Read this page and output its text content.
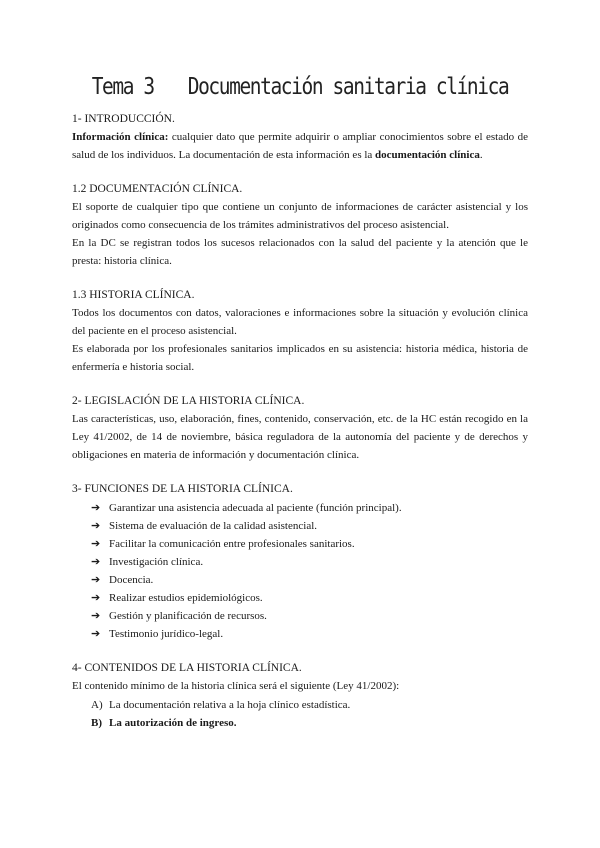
Tema 3 Documentación sanitaria clínica
1- INTRODUCCIÓN.

Información clínica: cualquier dato que permite adquirir o ampliar conocimientos sobre el estado de salud de los individuos. La documentación de esta información es la documentación clínica.

1.2 DOCUMENTACIÓN CLÍNICA.

El soporte de cualquier tipo que contiene un conjunto de informaciones de carácter asistencial y los originados como consecuencia de los trámites administrativos del proceso asistencial.

En la DC se registran todos los sucesos relacionados con la salud del paciente y la atención que le presta: historia clínica.

1.3 HISTORIA CLÍNICA.

Todos los documentos con datos, valoraciones e informaciones sobre la situación y evolución clínica del paciente en el proceso asistencial.

Es elaborada por los profesionales sanitarios implicados en su asistencia: historia médica, historia de enfermería e historia social.

2- LEGISLACIÓN DE LA HISTORIA CLÍNICA.

Las características, uso, elaboración, fines, contenido, conservación, etc. de la HC están recogido en la Ley 41/2002, de 14 de noviembre, básica reguladora de la autonomía del paciente y de derechos y obligaciones en materia de información y documentación clínica.

3- FUNCIONES DE LA HISTORIA CLÍNICA.
➔ Garantizar una asistencia adecuada al paciente (función principal).
➔ Sistema de evaluación de la calidad asistencial.
➔ Facilitar la comunicación entre profesionales sanitarios.
➔ Investigación clínica.
➔ Docencia.
➔ Realizar estudios epidemiológicos.
➔ Gestión y planificación de recursos.
➔ Testimonio jurídico-legal.
4- CONTENIDOS DE LA HISTORIA CLÍNICA.

El contenido mínimo de la historia clínica será el siguiente (Ley 41/2002):

A) La documentación relativa a la hoja clínico estadística.
B) La autorización de ingreso.
